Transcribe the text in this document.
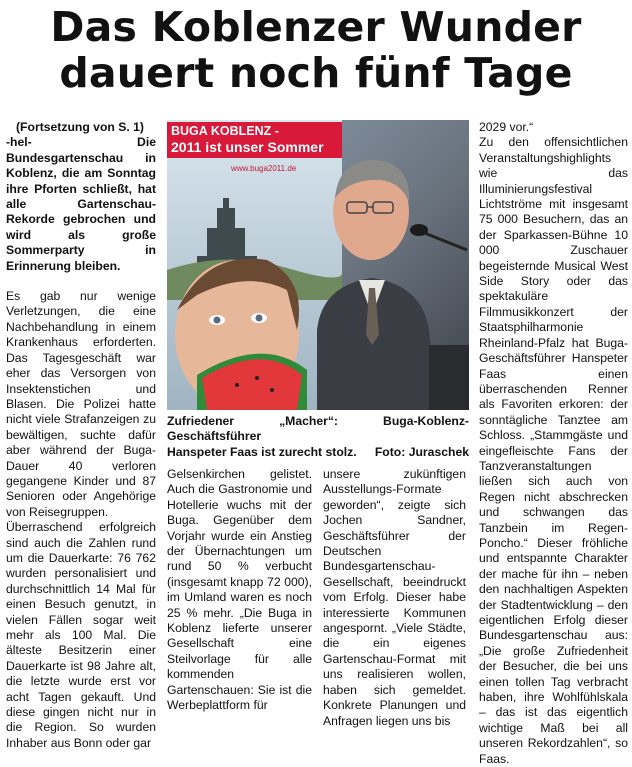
Das Koblenzer Wunder
dauert noch fünf Tage

(Fortsetzung von S. 1)
-hel- Die Bundesgartenschau in Koblenz, die am Sonntag ihre Pforten schließt, hat alle Gartenschau-Rekorde gebrochen und wird als große Sommerparty in Erinnerung bleiben.

Es gab nur wenige Verletzungen, die eine Nachbehandlung in einem Krankenhaus erforderten. Das Tagesgeschäft war eher das Versorgen von Insektenstichen und Blasen. Die Polizei hatte nicht viele Strafanzeigen zu bewältigen, suchte dafür aber während der Buga-Dauer 40 verloren gegangene Kinder und 87 Senioren oder Angehörige von Reisegruppen.

Überraschend erfolgreich sind auch die Zahlen rund um die Dauerkarte: 76 762 wurden personalisiert und durchschnittlich 14 Mal für einen Besuch genutzt, in vielen Fällen sogar weit mehr als 100 Mal. Die älteste Besitzerin einer Dauerkarte ist 98 Jahre alt, die letzte wurde erst vor acht Tagen gekauft. Und diese gingen nicht nur in die Region. So wurden Inhaber aus Bonn oder gar

BUGA KOBLENZ -
2011 ist unser Sommer
www.buga2011.de
Zufriedener „Macher“: Buga-Koblenz-Geschäftsführer
Hanspeter Faas ist zurecht stolz. Foto: Juraschek

Gelsenkirchen gelistet. Auch die Gastronomie und Hotellerie wuchs mit der Buga. Gegenüber dem Vorjahr wurde ein Anstieg der Übernachtungen um rund 50 % verbucht (insgesamt knapp 72 000), im Umland waren es noch 25 % mehr. „Die Buga in Koblenz lieferte unserer Gesellschaft eine Steilvorlage für alle kommenden Gartenschauen: Sie ist die Werbeplattform für

unsere zukünftigen Ausstellungs-Formate geworden“, zeigte sich Jochen Sandner, Geschäftsführer der Deutschen Bundesgartenschau-Gesellschaft, beeindruckt vom Erfolg. Dieser habe interessierte Kommunen angespornt. „Viele Städte, die ein eigenes Gartenschau-Format mit uns realisieren wollen, haben sich gemeldet. Konkrete Planungen und Anfragen liegen uns bis

2029 vor.“

Zu den offensichtlichen Veranstaltungshighlights wie das Illuminierungsfestival Lichtströme mit insgesamt 75 000 Besuchern, das an der Sparkassen-Bühne 10 000 Zuschauer begeisternde Musical West Side Story oder das spektakuläre Filmmusikkonzert der Staatsphilharmonie Rheinland-Pfalz hat Buga-Geschäftsführer Hanspeter Faas einen überraschenden Renner als Favoriten erkoren: der sonntägliche Tanztee am Schloss. „Stammgäste und eingefleischte Fans der Tanzveranstaltungen ließen sich auch von Regen nicht abschrecken und schwangen das Tanzbein im Regen-Poncho.“ Dieser fröhliche und entspannte Charakter der mache für ihn – neben den nachhaltigen Aspekten der Stadtentwicklung – den eigentlichen Erfolg dieser Bundesgartenschau aus: „Die große Zufriedenheit der Besucher, die bei uns einen tollen Tag verbracht haben, ihre Wohlfühlskala – das ist das eigentlich wichtige Maß bei all unseren Rekordzahlen“, so Faas.
